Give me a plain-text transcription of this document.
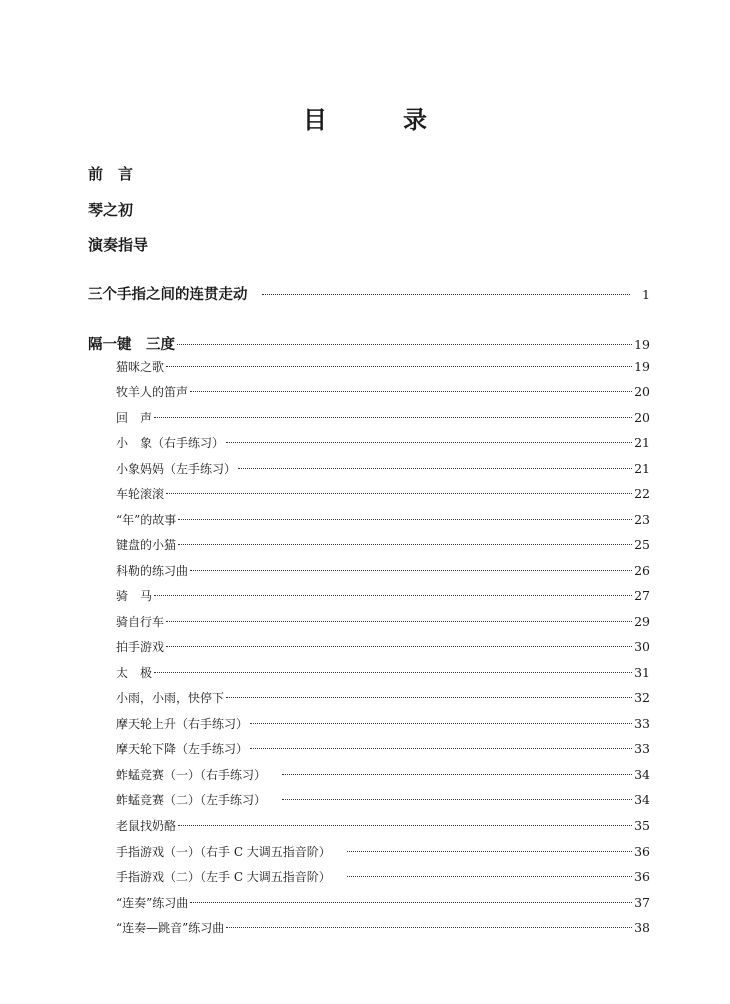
目　录
前　言
琴之初
演奏指导
三个手指之间的连贯走动	1
隔一键　三度	19
猫咪之歌	19
牧羊人的笛声	20
回　声	20
小　象（右手练习）	21
小象妈妈（左手练习）	21
车轮滚滚	22
“年”的故事	23
键盘的小猫	25
科勒的练习曲	26
骑　马	27
骑自行车	29
拍手游戏	30
太　极	31
小雨，小雨，快停下	32
摩天轮上升（右手练习）	33
摩天轮下降（左手练习）	33
蚱蜢竞赛（一）（右手练习）	34
蚱蜢竞赛（二）（左手练习）	34
老鼠找奶酪	35
手指游戏（一）（右手 C 大调五指音阶）	36
手指游戏（二）（左手 C 大调五指音阶）	36
“连奏”练习曲	37
“连奏—跳音”练习曲	38
